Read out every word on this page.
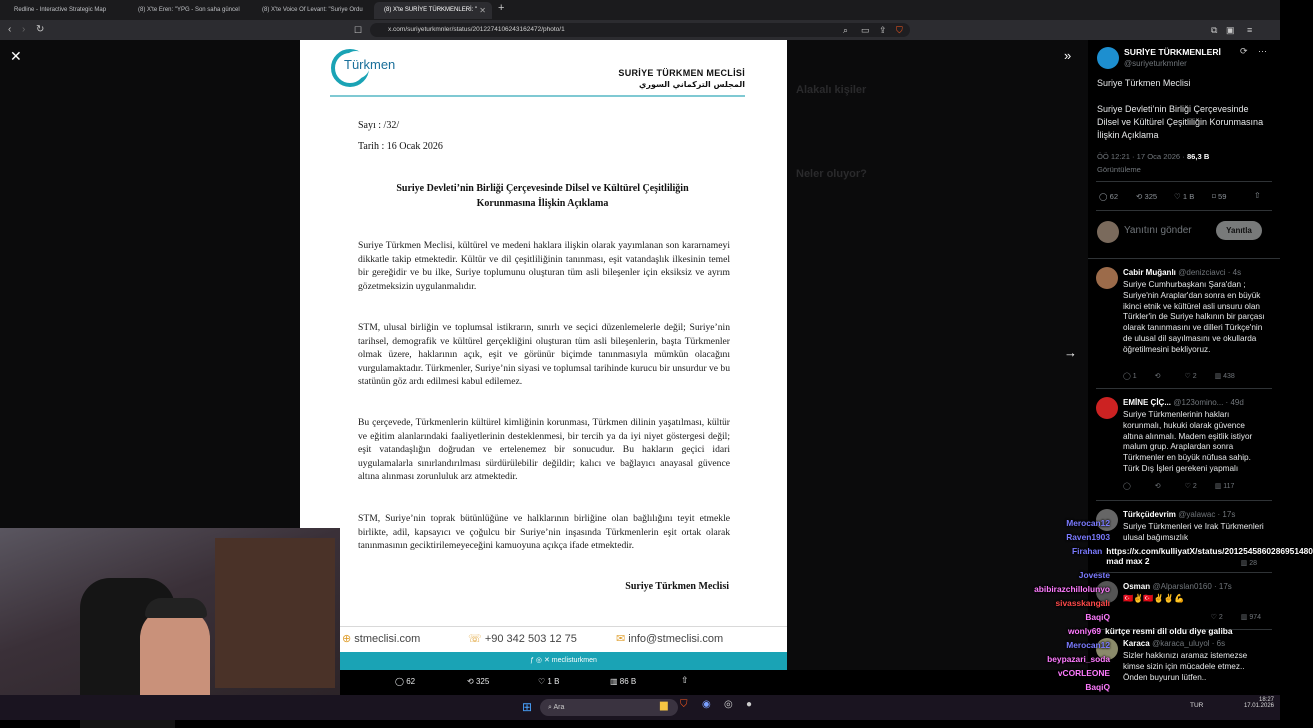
Redline - Interactive Strategic Map	(8) X'te Eren: "YPG - Son saha güncel	(8) X'te Voice Of Levant: "Suriye Ordu	(8) X'te SURİYE TÜRKMENLERİ: " ✕ +
‹ › ↻	☐	x.com/suriyeturkmnler/status/2012274106243162472/photo/1	⌕ ▭ ⇪ ⛉	⧉ ▣ ≡
Alakalı kişiler
Neler oluyor?
✕	»
→
Türkmen
SURİYE TÜRKMEN MECLİSİ
المجلس التركماني السوري
Sayı : /32/
Tarih : 16 Ocak 2026
Suriye Devleti’nin Birliği Çerçevesinde Dilsel ve Kültürel Çeşitliliğin
Korunmasına İlişkin Açıklama
Suriye Türkmen Meclisi, kültürel ve medeni haklara ilişkin olarak yayımlanan son kararnameyi dikkatle takip etmektedir. Kültür ve dil çeşitliliğinin tanınması, eşit vatandaşlık ilkesinin temel bir gereğidir ve bu ilke, Suriye toplumunu oluşturan tüm asli bileşenler için eksiksiz ve ayrım gözetmeksizin uygulanmalıdır.
STM, ulusal birliğin ve toplumsal istikrarın, sınırlı ve seçici düzenlemelerle değil; Suriye’nin tarihsel, demografik ve kültürel gerçekliğini oluşturan tüm asli bileşenlerin, başta Türkmenler olmak üzere, haklarının açık, eşit ve görünür biçimde tanınmasıyla mümkün olacağını vurgulamaktadır. Türkmenler, Suriye’nin siyasi ve toplumsal tarihinde kurucu bir unsurdur ve bu statünün göz ardı edilmesi kabul edilemez.
Bu çerçevede, Türkmenlerin kültürel kimliğinin korunması, Türkmen dilinin yaşatılması, kültür ve eğitim alanlarındaki faaliyetlerinin desteklenmesi, bir tercih ya da iyi niyet göstergesi değil; eşit vatandaşlığın doğrudan ve ertelenemez bir sonucudur. Bu hakların geçici idari uygulamalarla sınırlandırılması sürdürülebilir değildir; kalıcı ve bağlayıcı anayasal güvence altına alınması zorunluluk arz atmektedir.
STM, Suriye’nin toprak bütünlüğüne ve halklarının birliğine olan bağlılığını teyit etmekle birlikte, adil, kapsayıcı ve çoğulcu bir Suriye’nin inşasında Türkmenlerin eşit ortak olarak tanınmasının geciktirilemeyeceğini kamuoyuna açıkça ifade etmektedir.
Suriye Türkmen Meclisi
⊕ stmeclisi.com	☏ +90 342 503 12 75	✉ info@stmeclisi.com
ƒ ◎ ✕ meclisturkmen
SURİYE TÜRKMENLERİ
@suriyeturkmnler
⟳ ⋯
Suriye Türkmen Meclisi
Suriye Devleti’nin Birliği Çerçevesinde Dilsel ve Kültürel Çeşitliliğin Korunmasına İlişkin Açıklama
ÖÖ 12:21 · 17 Oca 2026 · 86,3 B
Görüntüleme
◯ 62 ⟲ 325 ♡ 1 B ⌑ 59	⇧
Yanıtını gönder	Yanıtla
Cabir Muğanlı @denizciavci · 4s
Suriye Cumhurbaşkanı Şara'dan ; Suriye'nin Araplar'dan sonra en büyük ikinci etnik ve kültürel asli unsuru olan Türkler'in de Suriye halkının bir parçası olarak tanınmasını ve dilleri Türkçe'nin de ulusal dil sayılmasını ve okullarda öğretilmesini bekliyoruz.
◯ 1	⟲	♡ 2	▥ 438
EMİNE ÇİÇ... @123omino... · 49d
Suriye Türkmenlerinin hakları korunmalı, hukuki olarak güvence altına alınmalı. Madem eşitlik istiyor malum grup. Araplardan sonra Türkmenler en büyük nüfusa sahip. Türk Dış İşleri gerekeni yapmalı
◯	⟲	♡ 2	▥ 117
Türkçüdevrim @yalawac · 17s
Suriye Türkmenleri ve Irak Türkmenleri ulusal bağımsızlık
▥ 28
Osman @Alparslan0160 · 17s
🇹🇷✌️🇹🇷✌️✌️💪
♡ 2	▥ 974
Karaca @karaca_uluyol · 6s
Sizler hakkınızı aramaz istemezse kimse sizin için mücadele etmez.. Önden buyurun lütfen..
◯ 62	⟲ 325	♡ 1 B	▥ 86 B	⇧
Merocan12
Raven1903
Firahan https://x.com/kulliyatX/status/2012545860286951480 mad max 2
Joveste
abibirazchillolunyo
sivasskangalı
BaqiQ
wonly69 kürtçe resmi dil oldu diye galiba
Merocan12
beypazari_soda
vCORLEONE
BaqiQ
⊞	⌕ Ara	▆ ⛉ ◉ ◎ ●	TUR
18:27
17.01.2026
